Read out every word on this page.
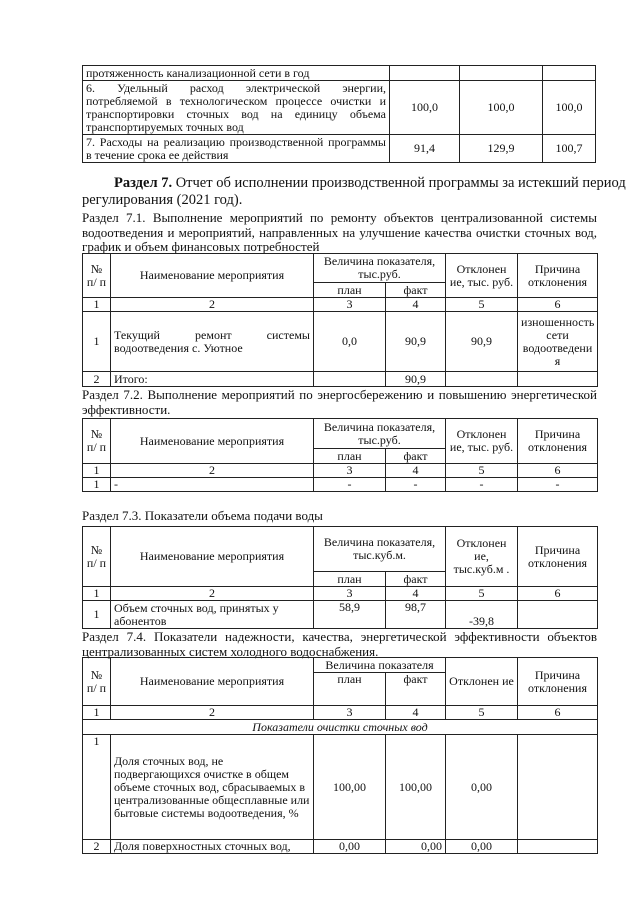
протяженность канализационной сети в год			

6. Удельный расход электрической энергии,
потребляемой в технологическом процессе очистки и
транспортировки сточных вод на единицу объема
транспортируемых точных вод	100,0	100,0	100,0

7. Расходы на реализацию производственной программы
в течение срока ее действия	91,4	129,9	100,7
Раздел 7. Отчет об исполнении производственной программы за истекший период
регулирования (2021 год).
Раздел 7.1. Выполнение мероприятий по ремонту объектов централизованной системы
водоотведения и мероприятий, направленных на улучшение качества очистки сточных вод,
график и объем финансовых потребностей
№ п/ п	Наименование мероприятия	Величина показателя, тыс.руб.		Отклонен ие, тыс. руб.	Причина отклонения
		план	факт		
1	2	3	4	5	6
1	Текущий ремонт системы водоотведения с. Уютное	0,0	90,9	90,9	изношенность сети водоотведени я
2	Итого:		90,9		
Раздел 7.2. Выполнение мероприятий по энергосбережению и повышению энергетической
эффективности.
№ п/ п	Наименование мероприятия	Величина показателя, тыс.руб.		Отклонен ие, тыс. руб.	Причина отклонения
		план	факт		
1	2	3	4	5	6
1	-	-	-	-	-
Раздел 7.3. Показатели объема подачи воды
№ п/ п	Наименование мероприятия	Величина показателя, тыс.куб.м.		Отклонен ие, тыс.куб.м .	Причина отклонения
		план	факт		
1	2	3	4	5	6
1	Объем сточных вод, принятых у абонентов	58,9	98,7	-39,8	
Раздел 7.4. Показатели надежности, качества, энергетической эффективности объектов
централизованных систем холодного водоснабжения.
№ п/ п	Наименование мероприятия	Величина показателя		Отклонен ие	Причина отклонения
		план	факт		
1	2	3	4	5	6
Показатели очистки сточных вод					
1	Доля сточных вод, не подвергающихся очистке в общем объеме сточных вод, сбрасываемых в централизованные общесплавные или бытовые системы водоотведения, %	100,00	100,00	0,00	
2	Доля поверхностных сточных вод,	0,00	0,00	0,00	
